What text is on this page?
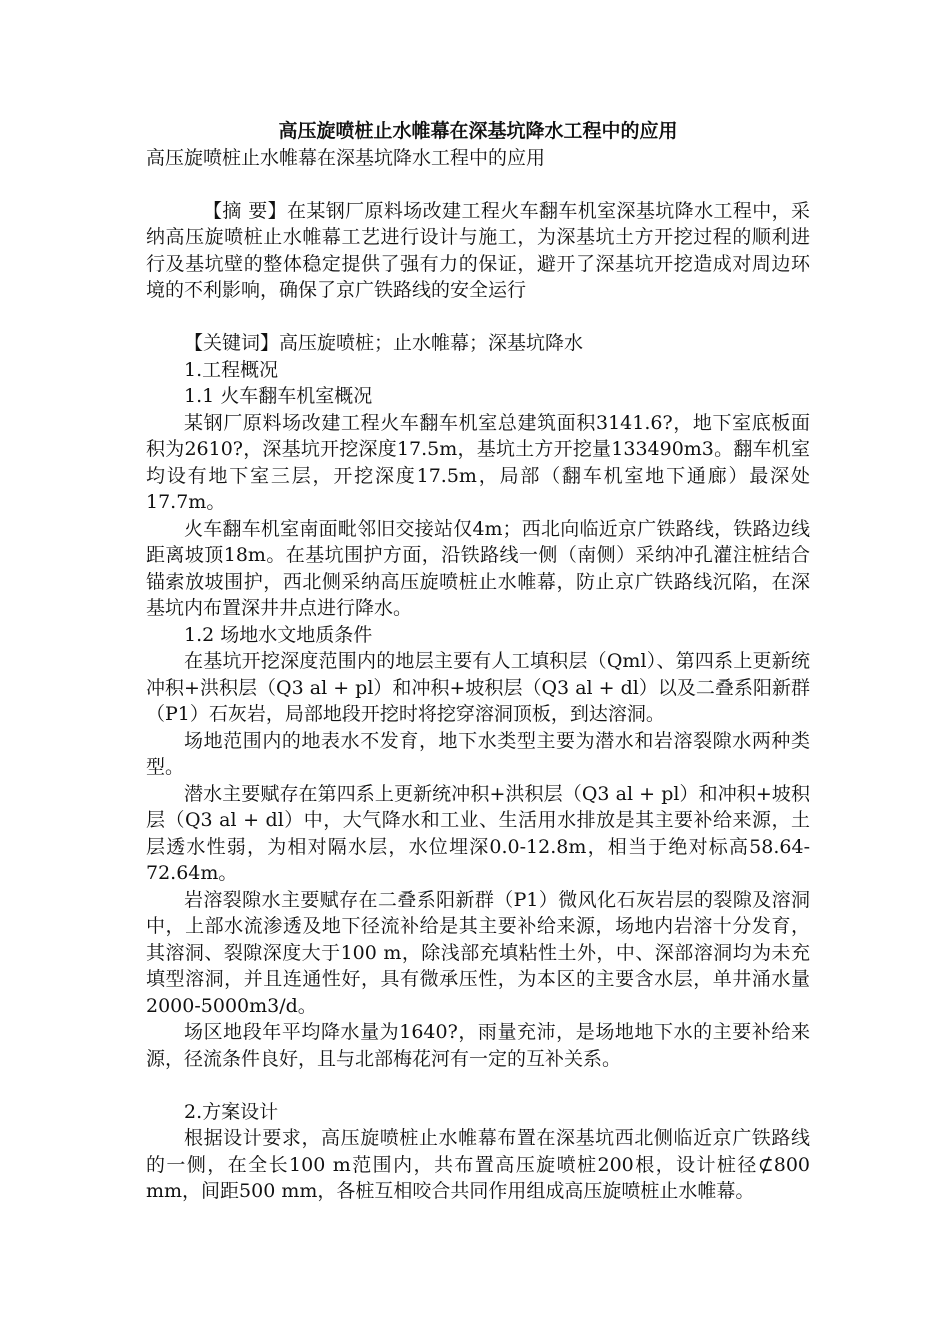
高压旋喷桩止水帷幕在深基坑降水工程中的应用
高压旋喷桩止水帷幕在深基坑降水工程中的应用

【摘 要】在某钢厂原料场改建工程火车翻车机室深基坑降水工程中，采纳高压旋喷桩止水帷幕工艺进行设计与施工，为深基坑土方开挖过程的顺利进行及基坑壁的整体稳定提供了强有力的保证，避开了深基坑开挖造成对周边环境的不利影响，确保了京广铁路线的安全运行

【关键词】高压旋喷桩；止水帷幕；深基坑降水

1.工程概况

1.1 火车翻车机室概况

某钢厂原料场改建工程火车翻车机室总建筑面积3141.6?，地下室底板面积为2610?，深基坑开挖深度17.5m，基坑土方开挖量133490m3。翻车机室均设有地下室三层，开挖深度17.5m，局部（翻车机室地下通廊）最深处17.7m。

火车翻车机室南面毗邻旧交接站仅4m；西北向临近京广铁路线，铁路边线距离坡顶18m。在基坑围护方面，沿铁路线一侧（南侧）采纳冲孔灌注桩结合锚索放坡围护，西北侧采纳高压旋喷桩止水帷幕，防止京广铁路线沉陷，在深基坑内布置深井井点进行降水。

1.2 场地水文地质条件

在基坑开挖深度范围内的地层主要有人工填积层（Qml）、第四系上更新统冲积+洪积层（Q3 al + pl）和冲积+坡积层（Q3 al + dl）以及二叠系阳新群（P1）石灰岩，局部地段开挖时将挖穿溶洞顶板，到达溶洞。

场地范围内的地表水不发育，地下水类型主要为潜水和岩溶裂隙水两种类型。

潜水主要赋存在第四系上更新统冲积+洪积层（Q3 al + pl）和冲积+坡积层（Q3 al + dl）中，大气降水和工业、生活用水排放是其主要补给来源，土层透水性弱，为相对隔水层，水位埋深0.0-12.8m，相当于绝对标高58.64-72.64m。

岩溶裂隙水主要赋存在二叠系阳新群（P1）微风化石灰岩层的裂隙及溶洞中，上部水流渗透及地下径流补给是其主要补给来源，场地内岩溶十分发育，其溶洞、裂隙深度大于100 m，除浅部充填粘性土外，中、深部溶洞均为未充填型溶洞，并且连通性好，具有微承压性，为本区的主要含水层，单井涌水量2000-5000m3/d。

场区地段年平均降水量为1640?，雨量充沛，是场地地下水的主要补给来源，径流条件良好，且与北部梅花河有一定的互补关系。

2.方案设计

根据设计要求，高压旋喷桩止水帷幕布置在深基坑西北侧临近京广铁路线的一侧，在全长100 m范围内，共布置高压旋喷桩200根，设计桩径⊄800 mm，间距500 mm，各桩互相咬合共同作用组成高压旋喷桩止水帷幕。
